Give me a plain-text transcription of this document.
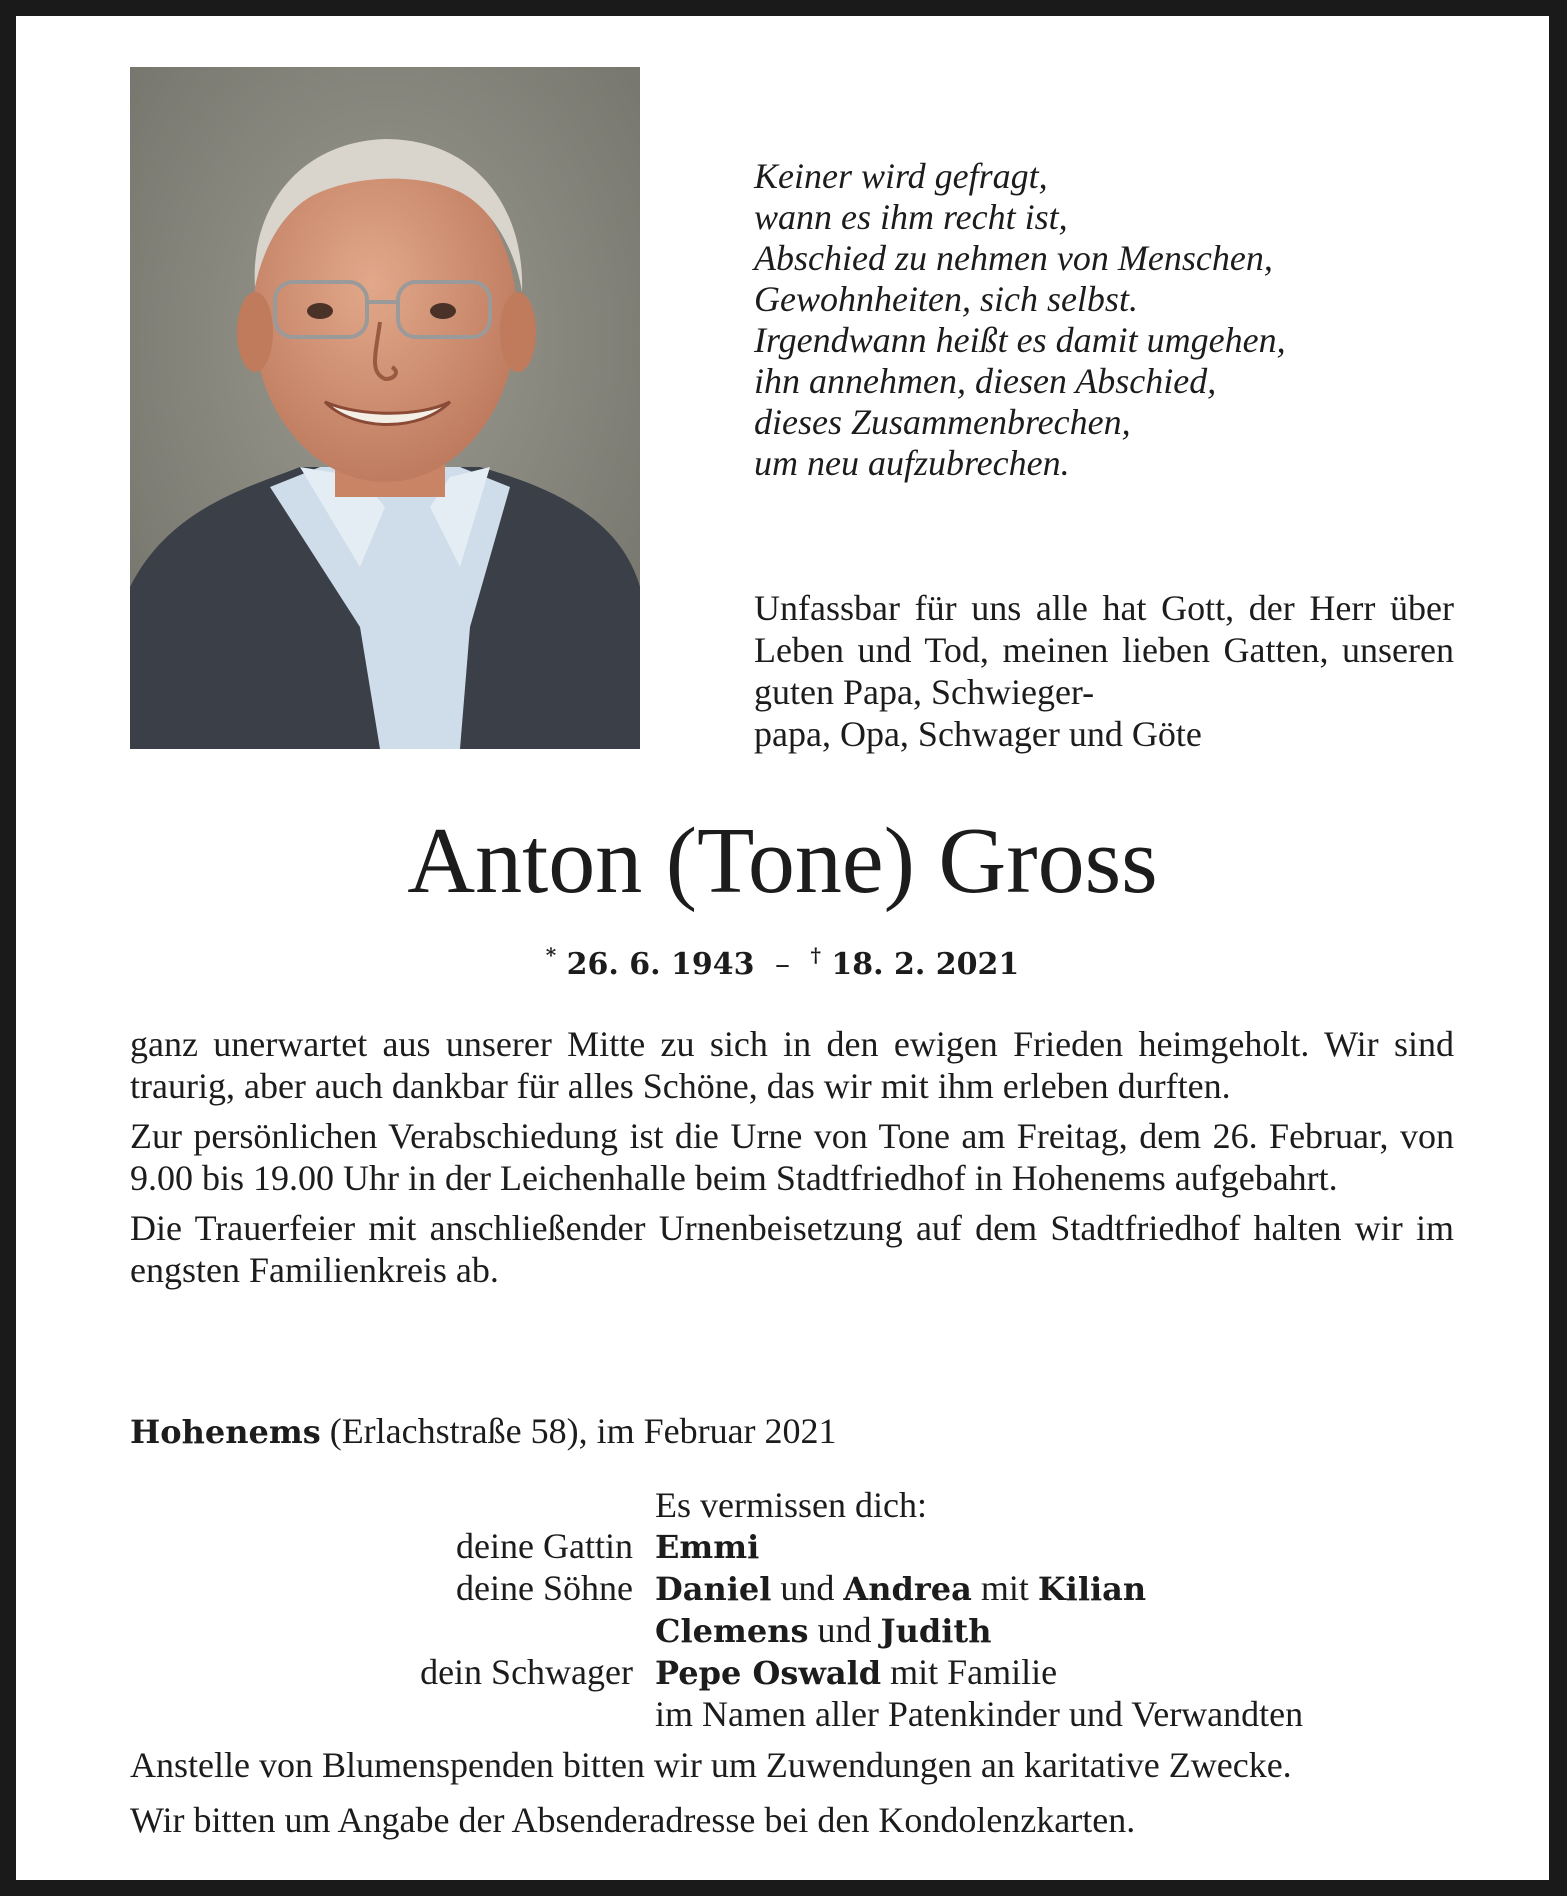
Keiner wird gefragt,
wann es ihm recht ist,
Abschied zu nehmen von Menschen,
Gewohnheiten, sich selbst.
Irgendwann heißt es damit umgehen,
ihn annehmen, diesen Abschied,
dieses Zusammenbrechen,
um neu aufzubrechen.
Unfassbar für uns alle hat Gott, der Herr über Leben und Tod, meinen lieben Gatten, unseren guten Papa, Schwieger-
papa, Opa, Schwager und Göte
Anton (Tone) Gross
* 26. 6. 1943 – † 18. 2. 2021

ganz unerwartet aus unserer Mitte zu sich in den ewigen Frieden heimgeholt. Wir sind traurig, aber auch dankbar für alles Schöne, das wir mit ihm erleben durften.

Zur persönlichen Verabschiedung ist die Urne von Tone am Freitag, dem 26. Februar, von 9.00 bis 19.00 Uhr in der Leichenhalle beim Stadtfriedhof in Hohenems aufgebahrt.

Die Trauerfeier mit anschließender Urnenbeisetzung auf dem Stadtfriedhof halten wir im engsten Familienkreis ab.

Hohenems (Erlachstraße 58), im Februar 2021
Es vermissen dich:
deine Gattin Emmi
deine Söhne Daniel und Andrea mit Kilian
Clemens und Judith
dein Schwager Pepe Oswald mit Familie
im Namen aller Patenkinder und Verwandten

Anstelle von Blumenspenden bitten wir um Zuwendungen an karitative Zwecke.

Wir bitten um Angabe der Absenderadresse bei den Kondolenzkarten.
